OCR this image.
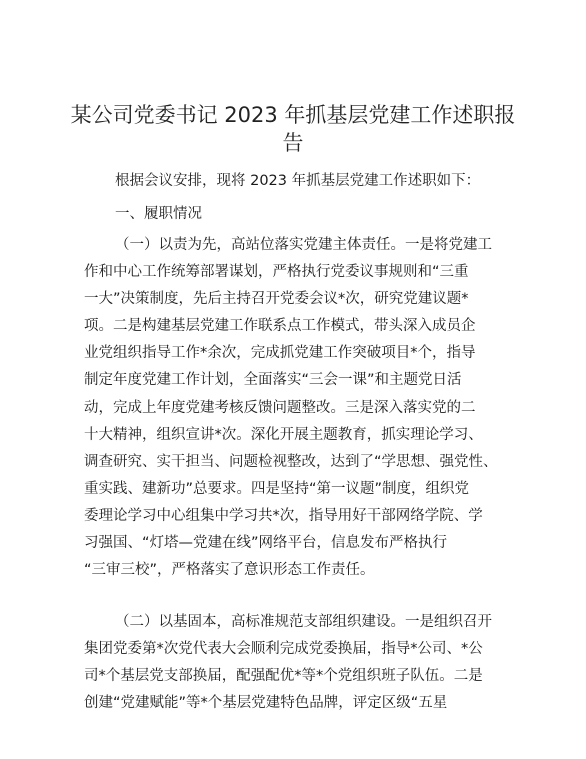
某公司党委书记 2023 年抓基层党建工作述职报
告
根据会议安排，现将 2023 年抓基层党建工作述职如下：
一、履职情况
（一）以责为先，高站位落实党建主体责任。一是将党建工
作和中心工作统筹部署谋划，严格执行党委议事规则和“三重
一大”决策制度，先后主持召开党委会议*次，研究党建议题*
项。二是构建基层党建工作联系点工作模式，带头深入成员企
业党组织指导工作*余次，完成抓党建工作突破项目*个，指导
制定年度党建工作计划，全面落实“三会一课”和主题党日活
动，完成上年度党建考核反馈问题整改。三是深入落实党的二
十大精神，组织宣讲*次。深化开展主题教育，抓实理论学习、
调查研究、实干担当、问题检视整改，达到了“学思想、强党性、
重实践、建新功”总要求。四是坚持“第一议题”制度，组织党
委理论学习中心组集中学习共*次，指导用好干部网络学院、学
习强国、“灯塔—党建在线”网络平台，信息发布严格执行
“三审三校”，严格落实了意识形态工作责任。
（二）以基固本，高标准规范支部组织建设。一是组织召开
集团党委第*次党代表大会顺利完成党委换届，指导*公司、*公
司*个基层党支部换届，配强配优*等*个党组织班子队伍。二是
创建“党建赋能”等*个基层党建特色品牌，评定区级“五星
